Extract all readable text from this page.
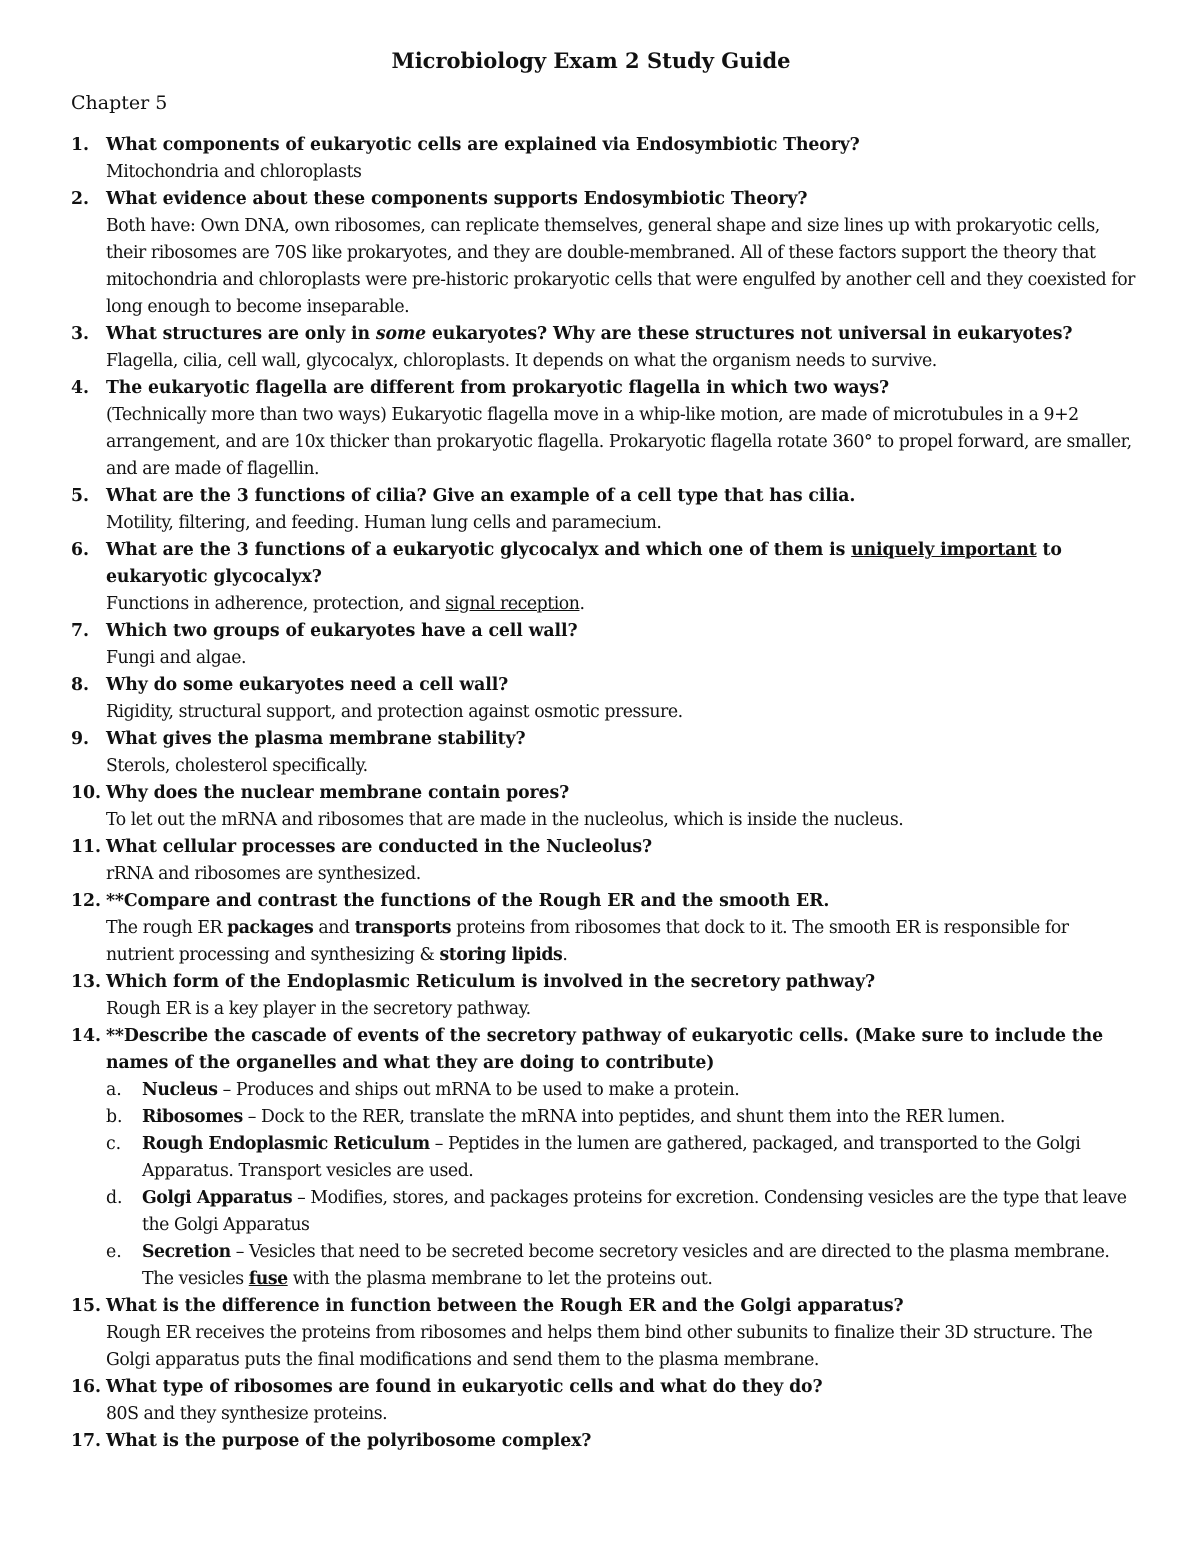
Microbiology Exam 2 Study Guide
Chapter 5
1. What components of eukaryotic cells are explained via Endosymbiotic Theory?

Mitochondria and chloroplasts

2. What evidence about these components supports Endosymbiotic Theory?

Both have: Own DNA, own ribosomes, can replicate themselves, general shape and size lines up with prokaryotic cells, their ribosomes are 70S like prokaryotes, and they are double-membraned. All of these factors support the theory that mitochondria and chloroplasts were pre-historic prokaryotic cells that were engulfed by another cell and they coexisted for long enough to become inseparable.

3. What structures are only in some eukaryotes? Why are these structures not universal in eukaryotes?

Flagella, cilia, cell wall, glycocalyx, chloroplasts. It depends on what the organism needs to survive.

4. The eukaryotic flagella are different from prokaryotic flagella in which two ways?

(Technically more than two ways) Eukaryotic flagella move in a whip-like motion, are made of microtubules in a 9+2 arrangement, and are 10x thicker than prokaryotic flagella. Prokaryotic flagella rotate 360° to propel forward, are smaller, and are made of flagellin.

5. What are the 3 functions of cilia? Give an example of a cell type that has cilia.

Motility, filtering, and feeding. Human lung cells and paramecium.

6. What are the 3 functions of a eukaryotic glycocalyx and which one of them is uniquely important to eukaryotic glycocalyx?

Functions in adherence, protection, and signal reception.

7. Which two groups of eukaryotes have a cell wall?

Fungi and algae.

8. Why do some eukaryotes need a cell wall?

Rigidity, structural support, and protection against osmotic pressure.

9. What gives the plasma membrane stability?

Sterols, cholesterol specifically.

10. Why does the nuclear membrane contain pores?

To let out the mRNA and ribosomes that are made in the nucleolus, which is inside the nucleus.

11. What cellular processes are conducted in the Nucleolus?

rRNA and ribosomes are synthesized.

12. **Compare and contrast the functions of the Rough ER and the smooth ER.

The rough ER packages and transports proteins from ribosomes that dock to it. The smooth ER is responsible for nutrient processing and synthesizing & storing lipids.

13. Which form of the Endoplasmic Reticulum is involved in the secretory pathway?

Rough ER is a key player in the secretory pathway.

14. **Describe the cascade of events of the secretory pathway of eukaryotic cells. (Make sure to include the names of the organelles and what they are doing to contribute)

a. Nucleus – Produces and ships out mRNA to be used to make a protein.
b. Ribosomes – Dock to the RER, translate the mRNA into peptides, and shunt them into the RER lumen.
c. Rough Endoplasmic Reticulum – Peptides in the lumen are gathered, packaged, and transported to the Golgi Apparatus. Transport vesicles are used.
d. Golgi Apparatus – Modifies, stores, and packages proteins for excretion. Condensing vesicles are the type that leave the Golgi Apparatus
e. Secretion – Vesicles that need to be secreted become secretory vesicles and are directed to the plasma membrane. The vesicles fuse with the plasma membrane to let the proteins out.
15. What is the difference in function between the Rough ER and the Golgi apparatus?

Rough ER receives the proteins from ribosomes and helps them bind other subunits to finalize their 3D structure. The Golgi apparatus puts the final modifications and send them to the plasma membrane.

16. What type of ribosomes are found in eukaryotic cells and what do they do?

80S and they synthesize proteins.

17. What is the purpose of the polyribosome complex?
